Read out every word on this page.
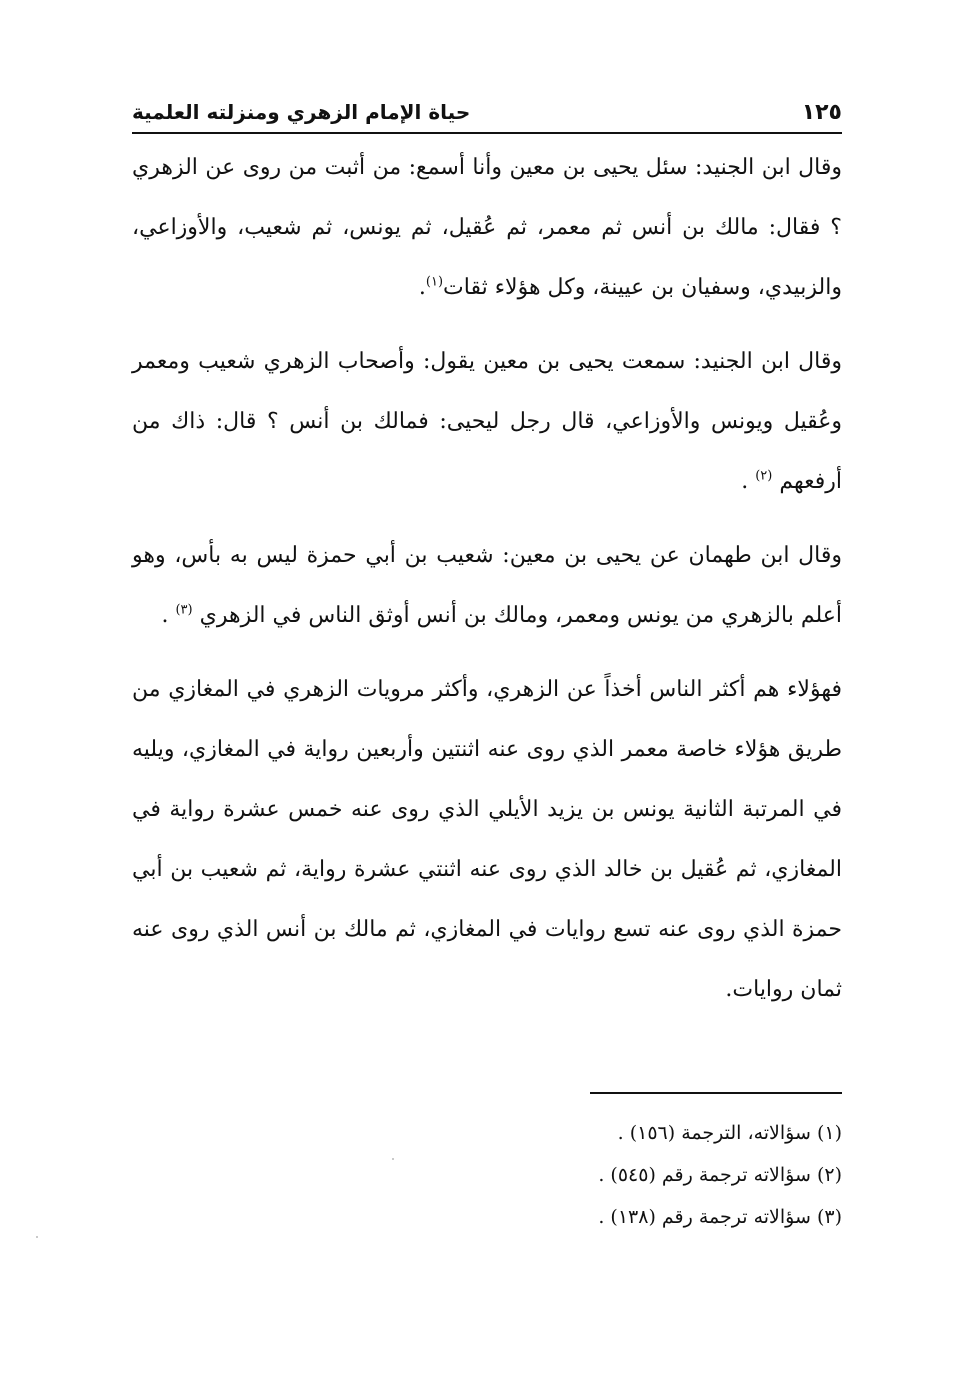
١٢٥
حياة الإمام الزهري ومنزلته العلمية

وقال ابن الجنيد: سئل يحيى بن معين وأنا أسمع: من أثبت من روى عن الزهري ؟ فقال: مالك بن أنس ثم معمر، ثم عُقيل، ثم يونس، ثم شعيب، والأوزاعي، والزبيدي، وسفيان بن عيينة، وكل هؤلاء ثقات$^{(١)}$.

وقال ابن الجنيد: سمعت يحيى بن معين يقول: وأصحاب الزهري شعيب ومعمر وعُقيل ويونس والأوزاعي، قال رجل ليحيى: فمالك بن أنس ؟ قال: ذاك من أرفعهم $^{(٢)}$ .

وقال ابن طهمان عن يحيى بن معين: شعيب بن أبي حمزة ليس به بأس، وهو أعلم بالزهري من يونس ومعمر، ومالك بن أنس أوثق الناس في الزهري $^{(٣)}$ .

فهؤلاء هم أكثر الناس أخذاً عن الزهري، وأكثر مرويات الزهري في المغازي من طريق هؤلاء خاصة معمر الذي روى عنه اثنتين وأربعين رواية في المغازي، ويليه في المرتبة الثانية يونس بن يزيد الأيلي الذي روى عنه خمس عشرة رواية في المغازي، ثم عُقيل بن خالد الذي روى عنه اثنتي عشرة رواية، ثم شعيب بن أبي حمزة الذي روى عنه تسع روايات في المغازي، ثم مالك بن أنس الذي روى عنه ثمان روايات.

(١) سؤالاته، الترجمة (١٥٦) .

(٢) سؤالاته ترجمة رقم (٥٤٥) .

(٣) سؤالاته ترجمة رقم (١٣٨) .
